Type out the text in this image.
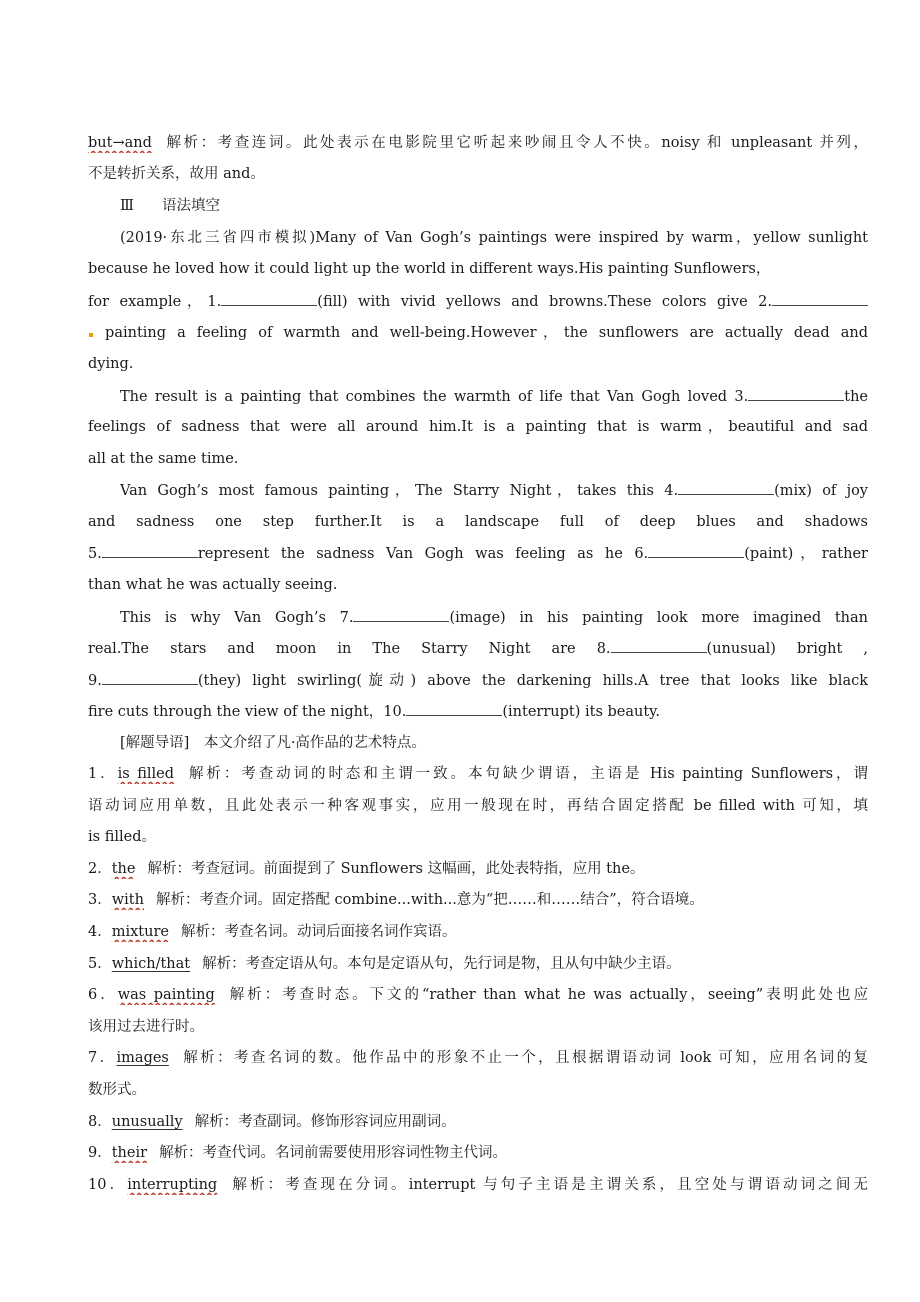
but→and 解析：考查连词。此处表示在电影院里它听起来吵闹且令人不快。noisy 和 unpleasant 并列，
不是转折关系，故用 and。
Ⅲ 语法填空
(2019·东北三省四市模拟)Many of Van Gogh’s paintings were inspired by warm，yellow sunlight
because he loved how it could light up the world in different ways.His painting Sunflowers，
for example，1.	(fill) with vivid yellows and browns.These colors give 2.
painting a feeling of warmth and well-being.However，the sunflowers are actually dead and
dying.
The result is a painting that combines the warmth of life that Van Gogh loved 3.	the
feelings of sadness that were all around him.It is a painting that is warm，beautiful and sad
all at the same time.
Van Gogh’s most famous painting，The Starry Night，takes this 4.	(mix) of joy
and sadness one step further.It is a landscape full of deep blues and shadows
5.	represent the sadness Van Gogh was feeling as he 6.	(paint)，rather
than what he was actually seeing.
This is why Van Gogh’s 7.	(image) in his painting look more imagined than
real.The stars and moon in The Starry Night are 8.	(unusual) bright ,
9.	(they) light swirling(旋动) above the darkening hills.A tree that looks like black
fire cuts through the view of the night，10.	(interrupt) its beauty.
[解题导语]　本文介绍了凡·高作品的艺术特点。
1．is filled 解析：考查动词的时态和主谓一致。本句缺少谓语，主语是 His painting Sunflowers，谓
语动词应用单数，且此处表示一种客观事实，应用一般现在时，再结合固定搭配 be filled with 可知，填
is filled。
2．the 解析：考查冠词。前面提到了 Sunflowers 这幅画，此处表特指，应用 the。
3．with 解析：考查介词。固定搭配 combine...with...意为“把……和……结合”，符合语境。
4．mixture 解析：考查名词。动词后面接名词作宾语。
5．which/that 解析：考查定语从句。本句是定语从句，先行词是物，且从句中缺少主语。
6．was painting 解析：考查时态。下文的“rather than what he was actually，seeing”表明此处也应
该用过去进行时。
7．images 解析：考查名词的数。他作品中的形象不止一个，且根据谓语动词 look 可知，应用名词的复
数形式。
8．unusually 解析：考查副词。修饰形容词应用副词。
9．their 解析：考查代词。名词前需要使用形容词性物主代词。
10．interrupting 解析：考查现在分词。interrupt 与句子主语是主谓关系，且空处与谓语动词之间无
